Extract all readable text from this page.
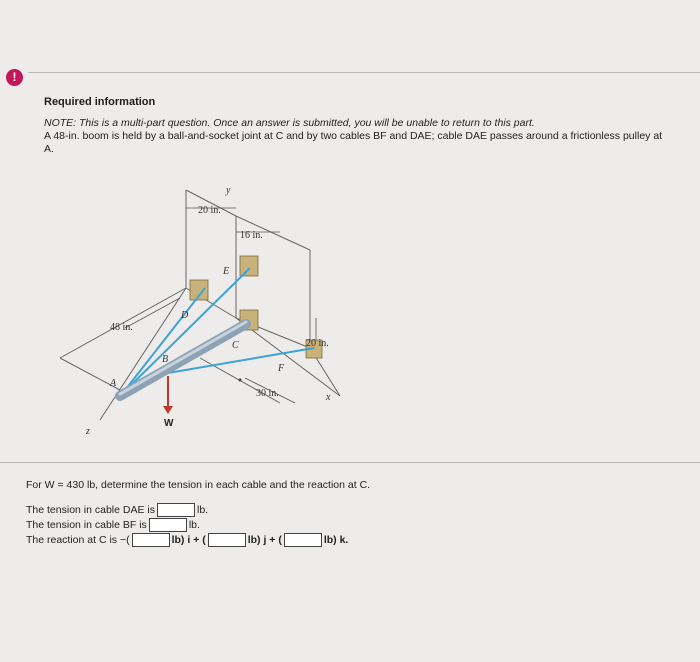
!
Required information
NOTE: This is a multi-part question. Once an answer is submitted, you will be unable to return to this part.
A 48-in. boom is held by a ball-and-socket joint at C and by two cables BF and DAE; cable DAE passes around a frictionless pulley at A.
y
20 in.
16 in.
E
D
48 in.
C	20 in.
B
F
A
30 in.	x
z
W
For W = 430 lb, determine the tension in each cable and the reaction at C.
The tension in cable DAE is	lb.
The tension in cable BF is	lb.
The reaction at C is −(	lb) i + (	lb) j + (	lb) k.
